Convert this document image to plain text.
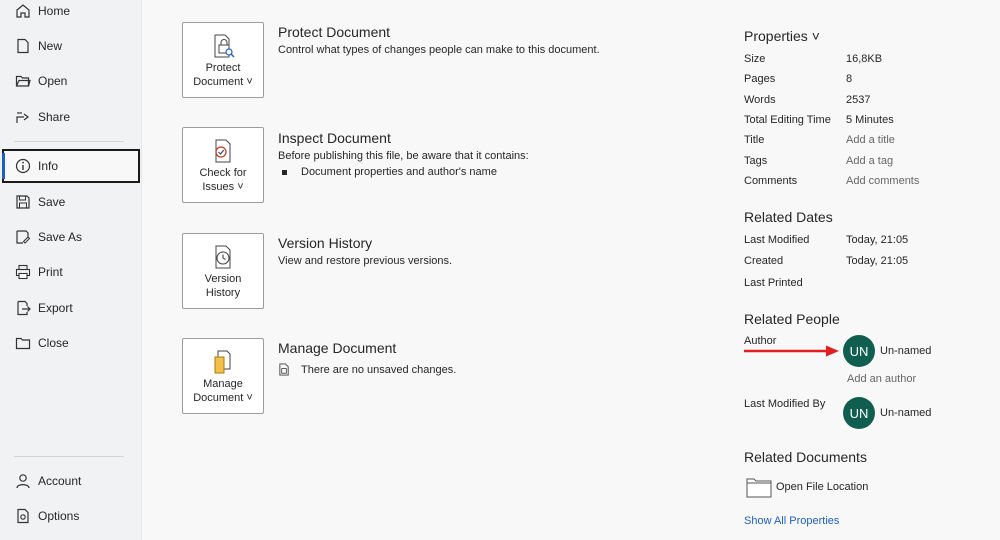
Home
New
Open
Share
Info
Save
Save As
Print
Export
Close
Account
Options
Protect
Document ˅
Protect Document
Control what types of changes people can make to this document.
Check for
Issues ˅
Inspect Document
Before publishing this file, be aware that it contains:
Document properties and author's name
Version
History
Version History
View and restore previous versions.
Manage
Document ˅
Manage Document
There are no unsaved changes.
Properties ˅
Size	16,8KB
Pages	8
Words	2537
Total Editing Time 5 Minutes
Title	Add a title
Tags	Add a tag
Comments	Add comments
Related Dates
Last Modified	Today, 21:05
Created	Today, 21:05
Last Printed
Related People
Author
UN	Un-named
Add an author
Last Modified By
UN	Un-named
Related Documents
Open File Location
Show All Properties
